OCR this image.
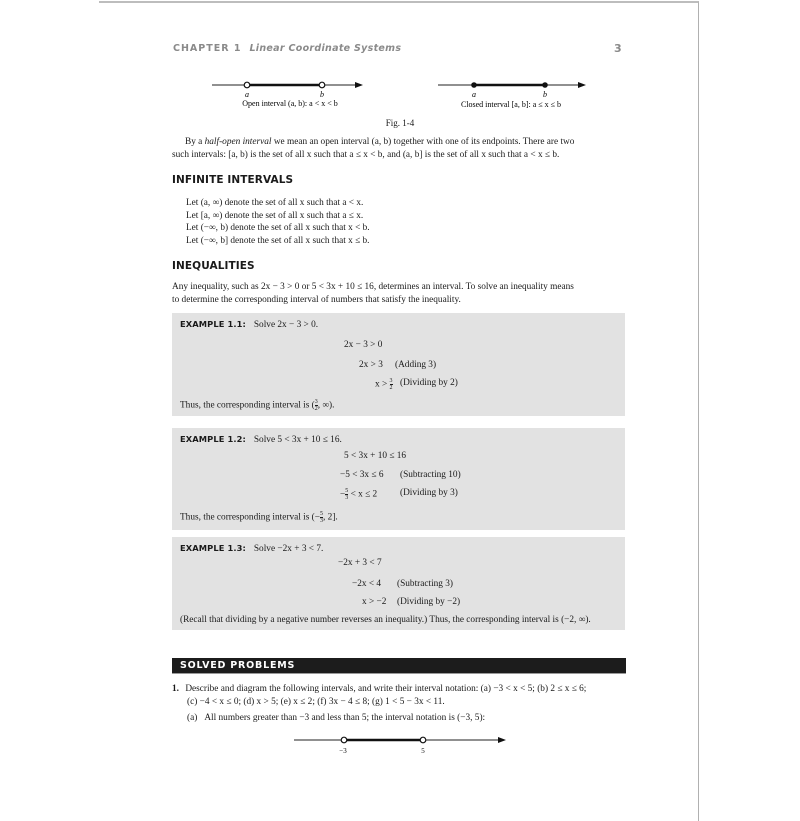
CHAPTER 1 Linear Coordinate Systems	3
a	b
Open interval (a, b): a < x < b
a	b
Closed interval [a, b]: a ≤ x ≤ b
Fig. 1-4
By a half-open interval we mean an open interval (a, b) together with one of its endpoints. There are two
such intervals: [a, b) is the set of all x such that a ≤ x < b, and (a, b] is the set of all x such that a < x ≤ b.
INFINITE INTERVALS
Let (a, ∞) denote the set of all x such that a < x.
Let [a, ∞) denote the set of all x such that a ≤ x.
Let (−∞, b) denote the set of all x such that x < b.
Let (−∞, b] denote the set of all x such that x ≤ b.
INEQUALITIES
Any inequality, such as 2x − 3 > 0 or 5 < 3x + 10 ≤ 16, determines an interval. To solve an inequality means
to determine the corresponding interval of numbers that satisfy the inequality.
EXAMPLE 1.1: Solve 2x − 3 > 0.
2x − 3 > 0
2x > 3 (Adding 3)
$x > \frac{3}{2}$ (Dividing by 2)
Thus, the corresponding interval is ( $\frac{3}{2}$ , ∞).
EXAMPLE 1.2: Solve 5 < 3x + 10 ≤ 16.
5 < 3x + 10 ≤ 16
−5 < 3x ≤ 6 (Subtracting 10)
− $\frac{5}{3} < x \le 2$ (Dividing by 3)
Thus, the corresponding interval is (− $\frac{5}{3}$ , 2].
EXAMPLE 1.3: Solve −2x + 3 < 7.
−2x + 3 < 7
−2x < 4 (Subtracting 3)
x > −2 (Dividing by −2)
(Recall that dividing by a negative number reverses an inequality.) Thus, the corresponding interval is (−2, ∞).
SOLVED PROBLEMS
1. Describe and diagram the following intervals, and write their interval notation: (a) −3 < x < 5; (b) 2 ≤ x ≤ 6;
(c) −4 < x ≤ 0; (d) x > 5; (e) x ≤ 2; (f) 3x − 4 ≤ 8; (g) 1 < 5 − 3x < 11.
(a) All numbers greater than −3 and less than 5; the interval notation is (−3, 5):
−3	5
